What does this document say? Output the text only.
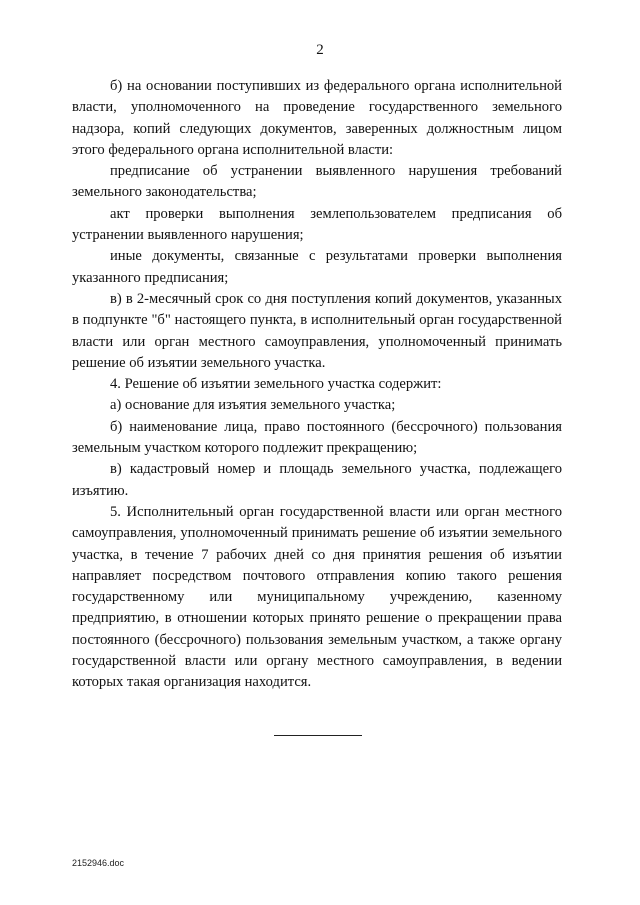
2

б) на основании поступивших из федерального органа исполнительной власти, уполномоченного на проведение государственного земельного надзора, копий следующих документов, заверенных должностным лицом этого федерального органа исполнительной власти:

предписание об устранении выявленного нарушения требований земельного законодательства;

акт проверки выполнения землепользователем предписания об устранении выявленного нарушения;

иные документы, связанные с результатами проверки выполнения указанного предписания;

в) в 2-месячный срок со дня поступления копий документов, указанных в подпункте "б" настоящего пункта, в исполнительный орган государственной власти или орган местного самоуправления, уполномоченный принимать решение об изъятии земельного участка.

4. Решение об изъятии земельного участка содержит:

а) основание для изъятия земельного участка;

б) наименование лица, право постоянного (бессрочного) пользования земельным участком которого подлежит прекращению;

в) кадастровый номер и площадь земельного участка, подлежащего изъятию.

5. Исполнительный орган государственной власти или орган местного самоуправления, уполномоченный принимать решение об изъятии земельного участка, в течение 7 рабочих дней со дня принятия решения об изъятии направляет посредством почтового отправления копию такого решения государственному или муниципальному учреждению, казенному предприятию, в отношении которых принято решение о прекращении права постоянного (бессрочного) пользования земельным участком, а также органу государственной власти или органу местного самоуправления, в ведении которых такая организация находится.

2152946.doc
